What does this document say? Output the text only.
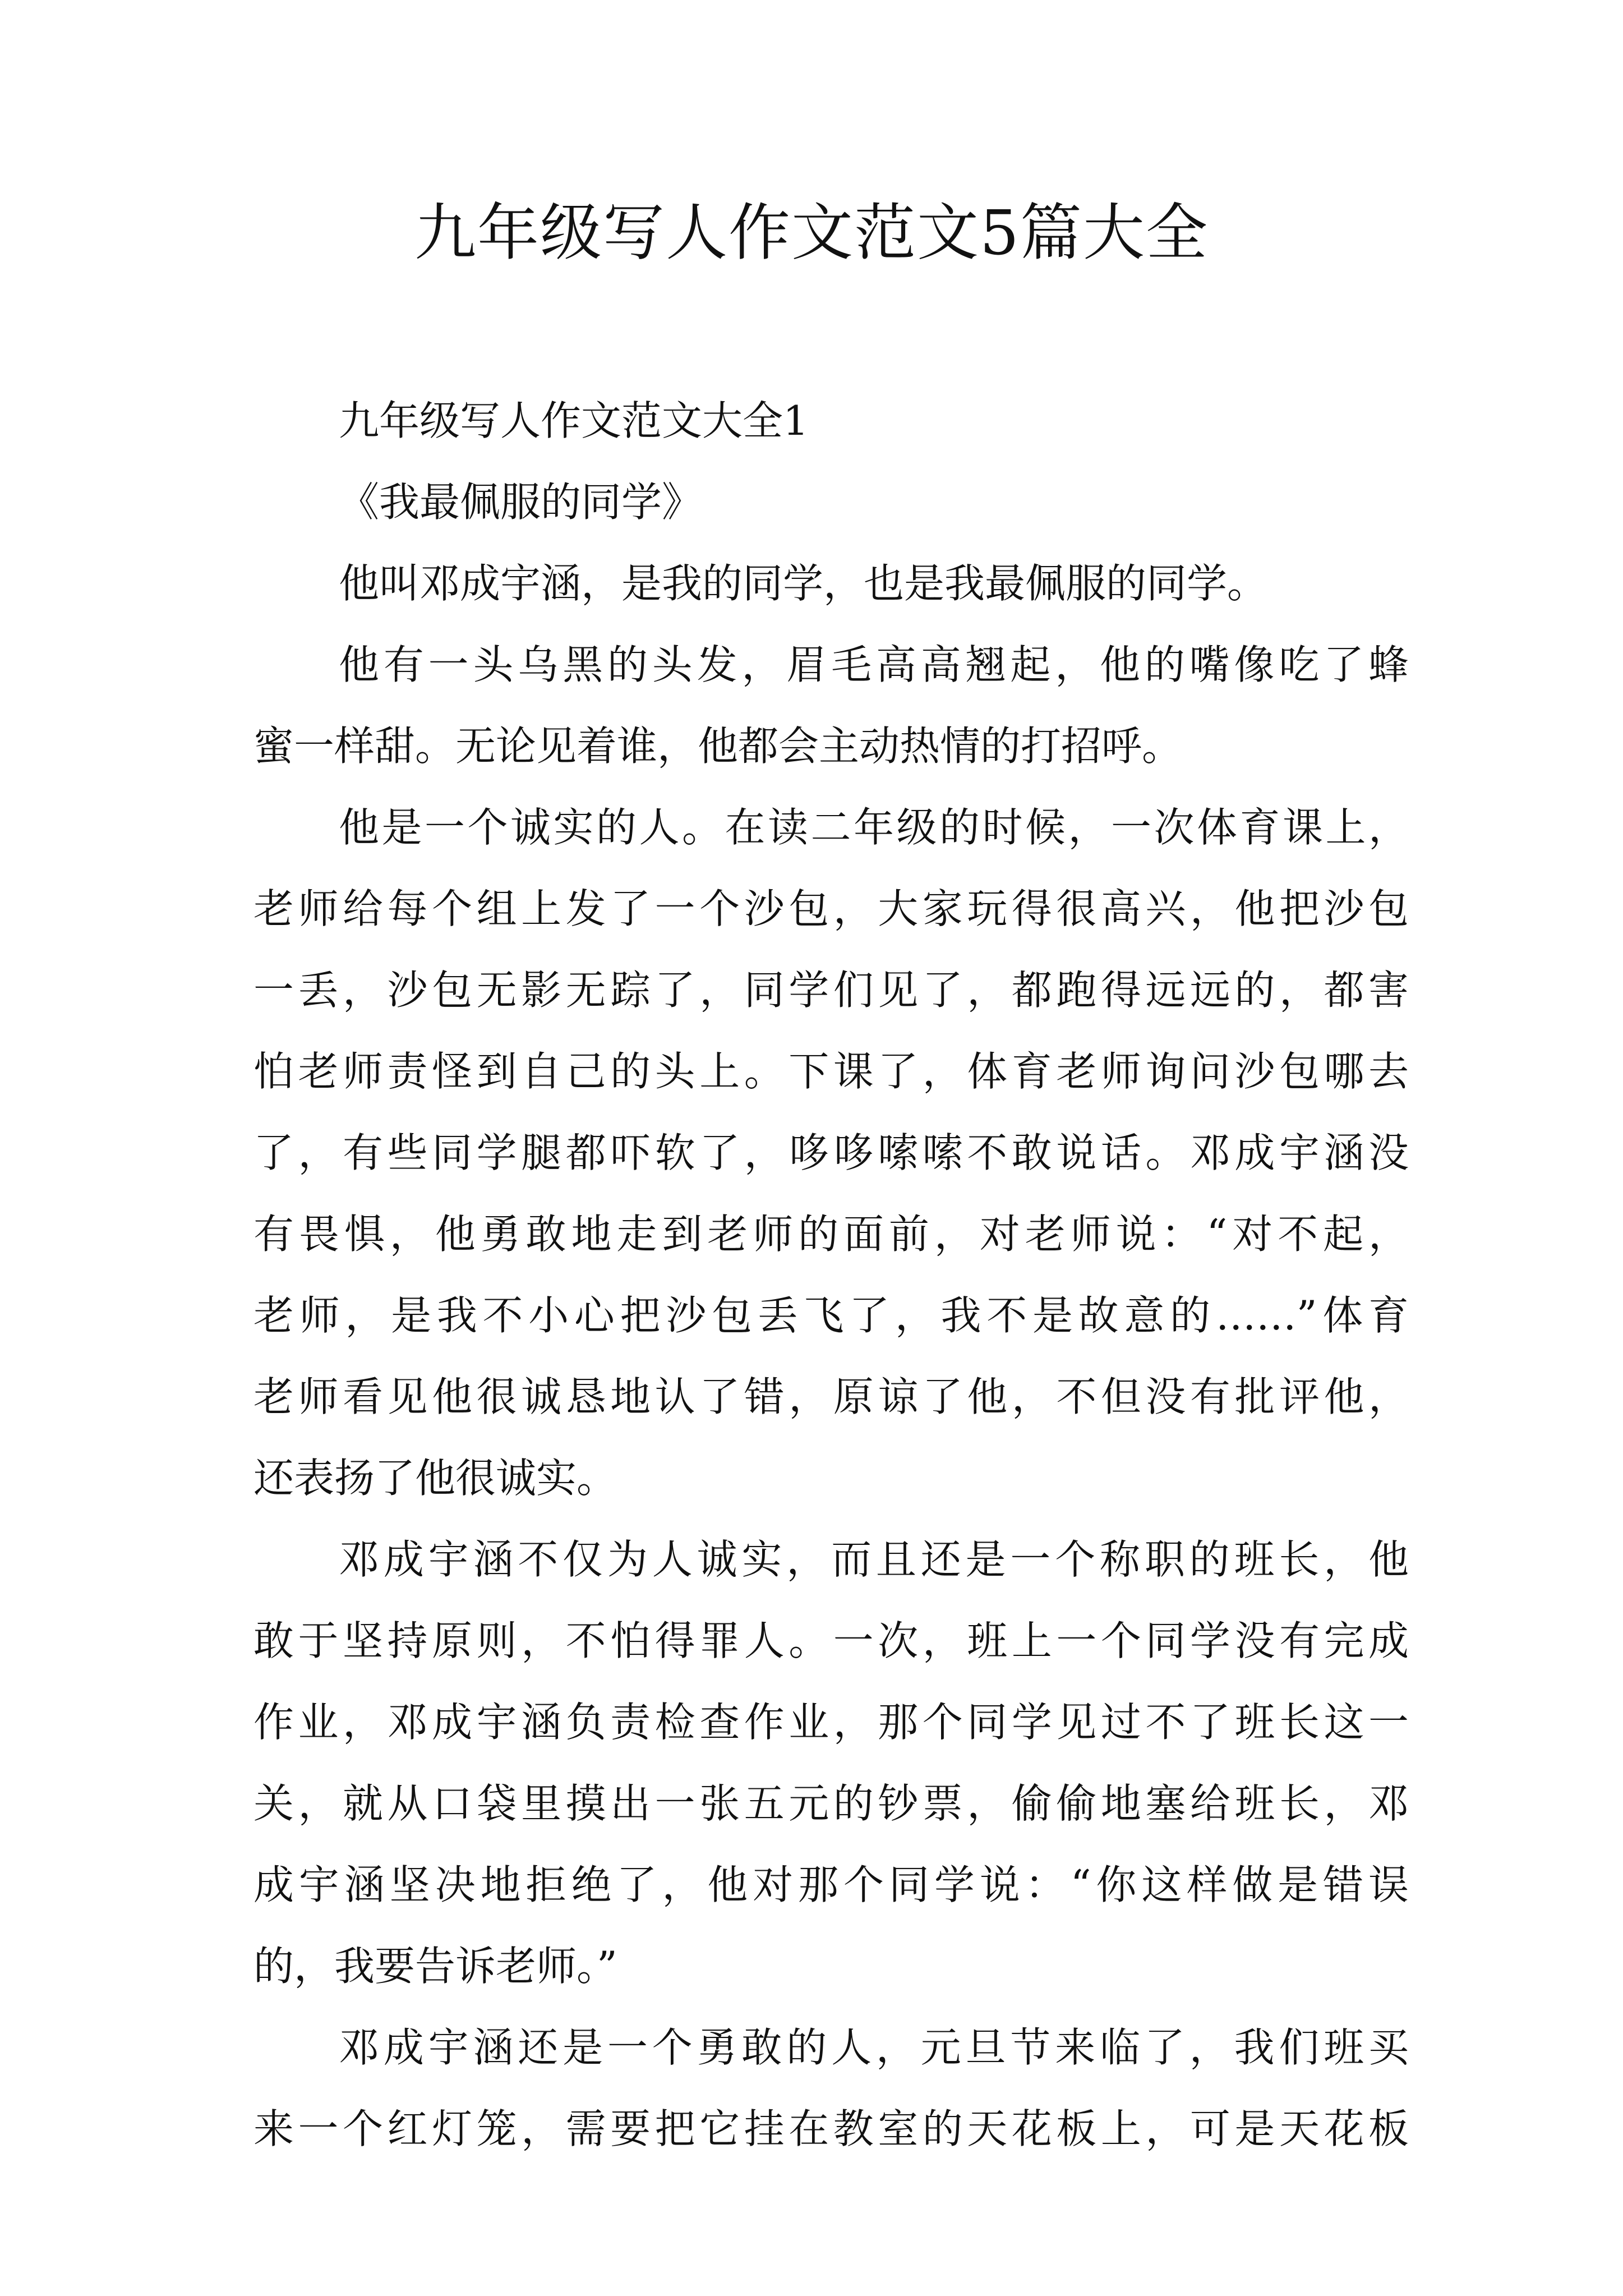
九年级写人作文范文5篇大全
九年级写人作文范文大全1
《我最佩服的同学》
他叫邓成宇涵，是我的同学，也是我最佩服的同学。
他有一头乌黑的头发，眉毛高高翘起，他的嘴像吃了蜂
蜜一样甜。无论见着谁，他都会主动热情的打招呼。
他是一个诚实的人。在读二年级的时候，一次体育课上，
老师给每个组上发了一个沙包，大家玩得很高兴，他把沙包
一丢，沙包无影无踪了，同学们见了，都跑得远远的，都害
怕老师责怪到自己的头上。下课了，体育老师询问沙包哪去
了，有些同学腿都吓软了，哆哆嗦嗦不敢说话。邓成宇涵没
有畏惧，他勇敢地走到老师的面前，对老师说：“对不起，
老师，是我不小心把沙包丢飞了，我不是故意的……”体育
老师看见他很诚恳地认了错，原谅了他，不但没有批评他，
还表扬了他很诚实。
邓成宇涵不仅为人诚实，而且还是一个称职的班长，他
敢于坚持原则，不怕得罪人。一次，班上一个同学没有完成
作业，邓成宇涵负责检查作业，那个同学见过不了班长这一
关，就从口袋里摸出一张五元的钞票，偷偷地塞给班长，邓
成宇涵坚决地拒绝了，他对那个同学说：“你这样做是错误
的，我要告诉老师。”
邓成宇涵还是一个勇敢的人，元旦节来临了，我们班买
来一个红灯笼，需要把它挂在教室的天花板上，可是天花板
